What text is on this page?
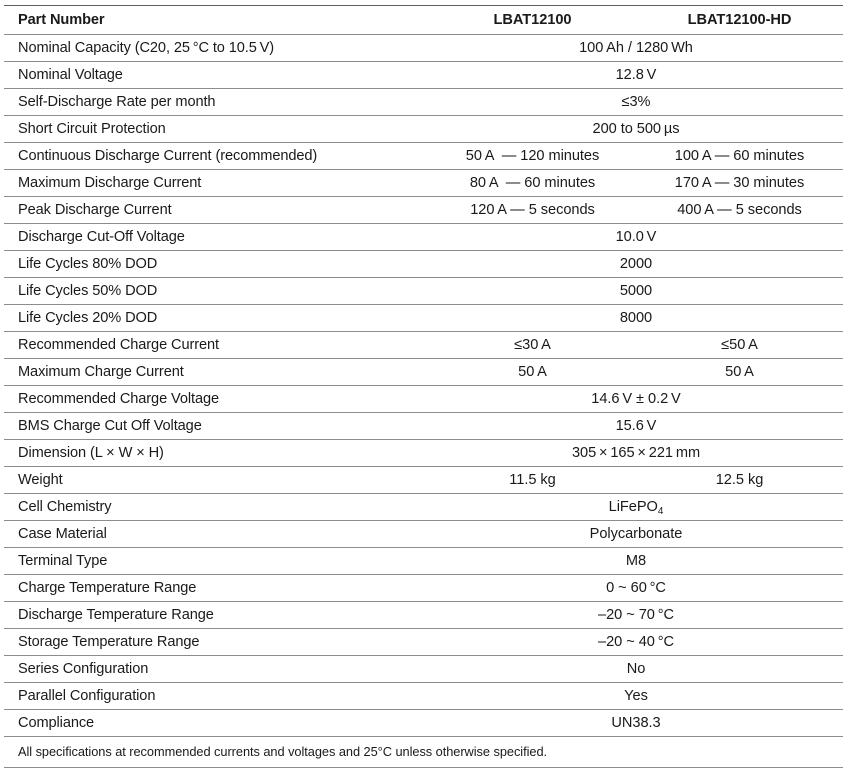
Part Number	LBAT12100	LBAT12100-HD

Nominal Capacity (C20, 25 °C to 10.5 V)	100 Ah / 1280 Wh	

Nominal Voltage	12.8 V	

Self-Discharge Rate per month	≤3%	

Short Circuit Protection	200 to 500 µs	

Continuous Discharge Current (recommended)	50 A — 120 minutes	100 A — 60 minutes

Maximum Discharge Current	80 A — 60 minutes	170 A — 30 minutes

Peak Discharge Current	120 A — 5 seconds	400 A — 5 seconds

Discharge Cut-Off Voltage	10.0 V	

Life Cycles 80% DOD	2000	

Life Cycles 50% DOD	5000	

Life Cycles 20% DOD	8000	

Recommended Charge Current	≤30 A	≤50 A

Maximum Charge Current	50 A	50 A

Recommended Charge Voltage	14.6 V ± 0.2 V	

BMS Charge Cut Off Voltage	15.6 V	

Dimension (L × W × H)	305 × 165 × 221 mm	

Weight	11.5 kg	12.5 kg

Cell Chemistry	LiFePO$_4$

Case Material	Polycarbonate	

Terminal Type	M8	

Charge Temperature Range	0 ~ 60 °C	

Discharge Temperature Range	–20 ~ 70 °C	

Storage Temperature Range	–20 ~ 40 °C	

Series Configuration	No	

Parallel Configuration	Yes	

Compliance	UN38.3	

All specifications at recommended currents and voltages and 25°C unless otherwise specified.		
